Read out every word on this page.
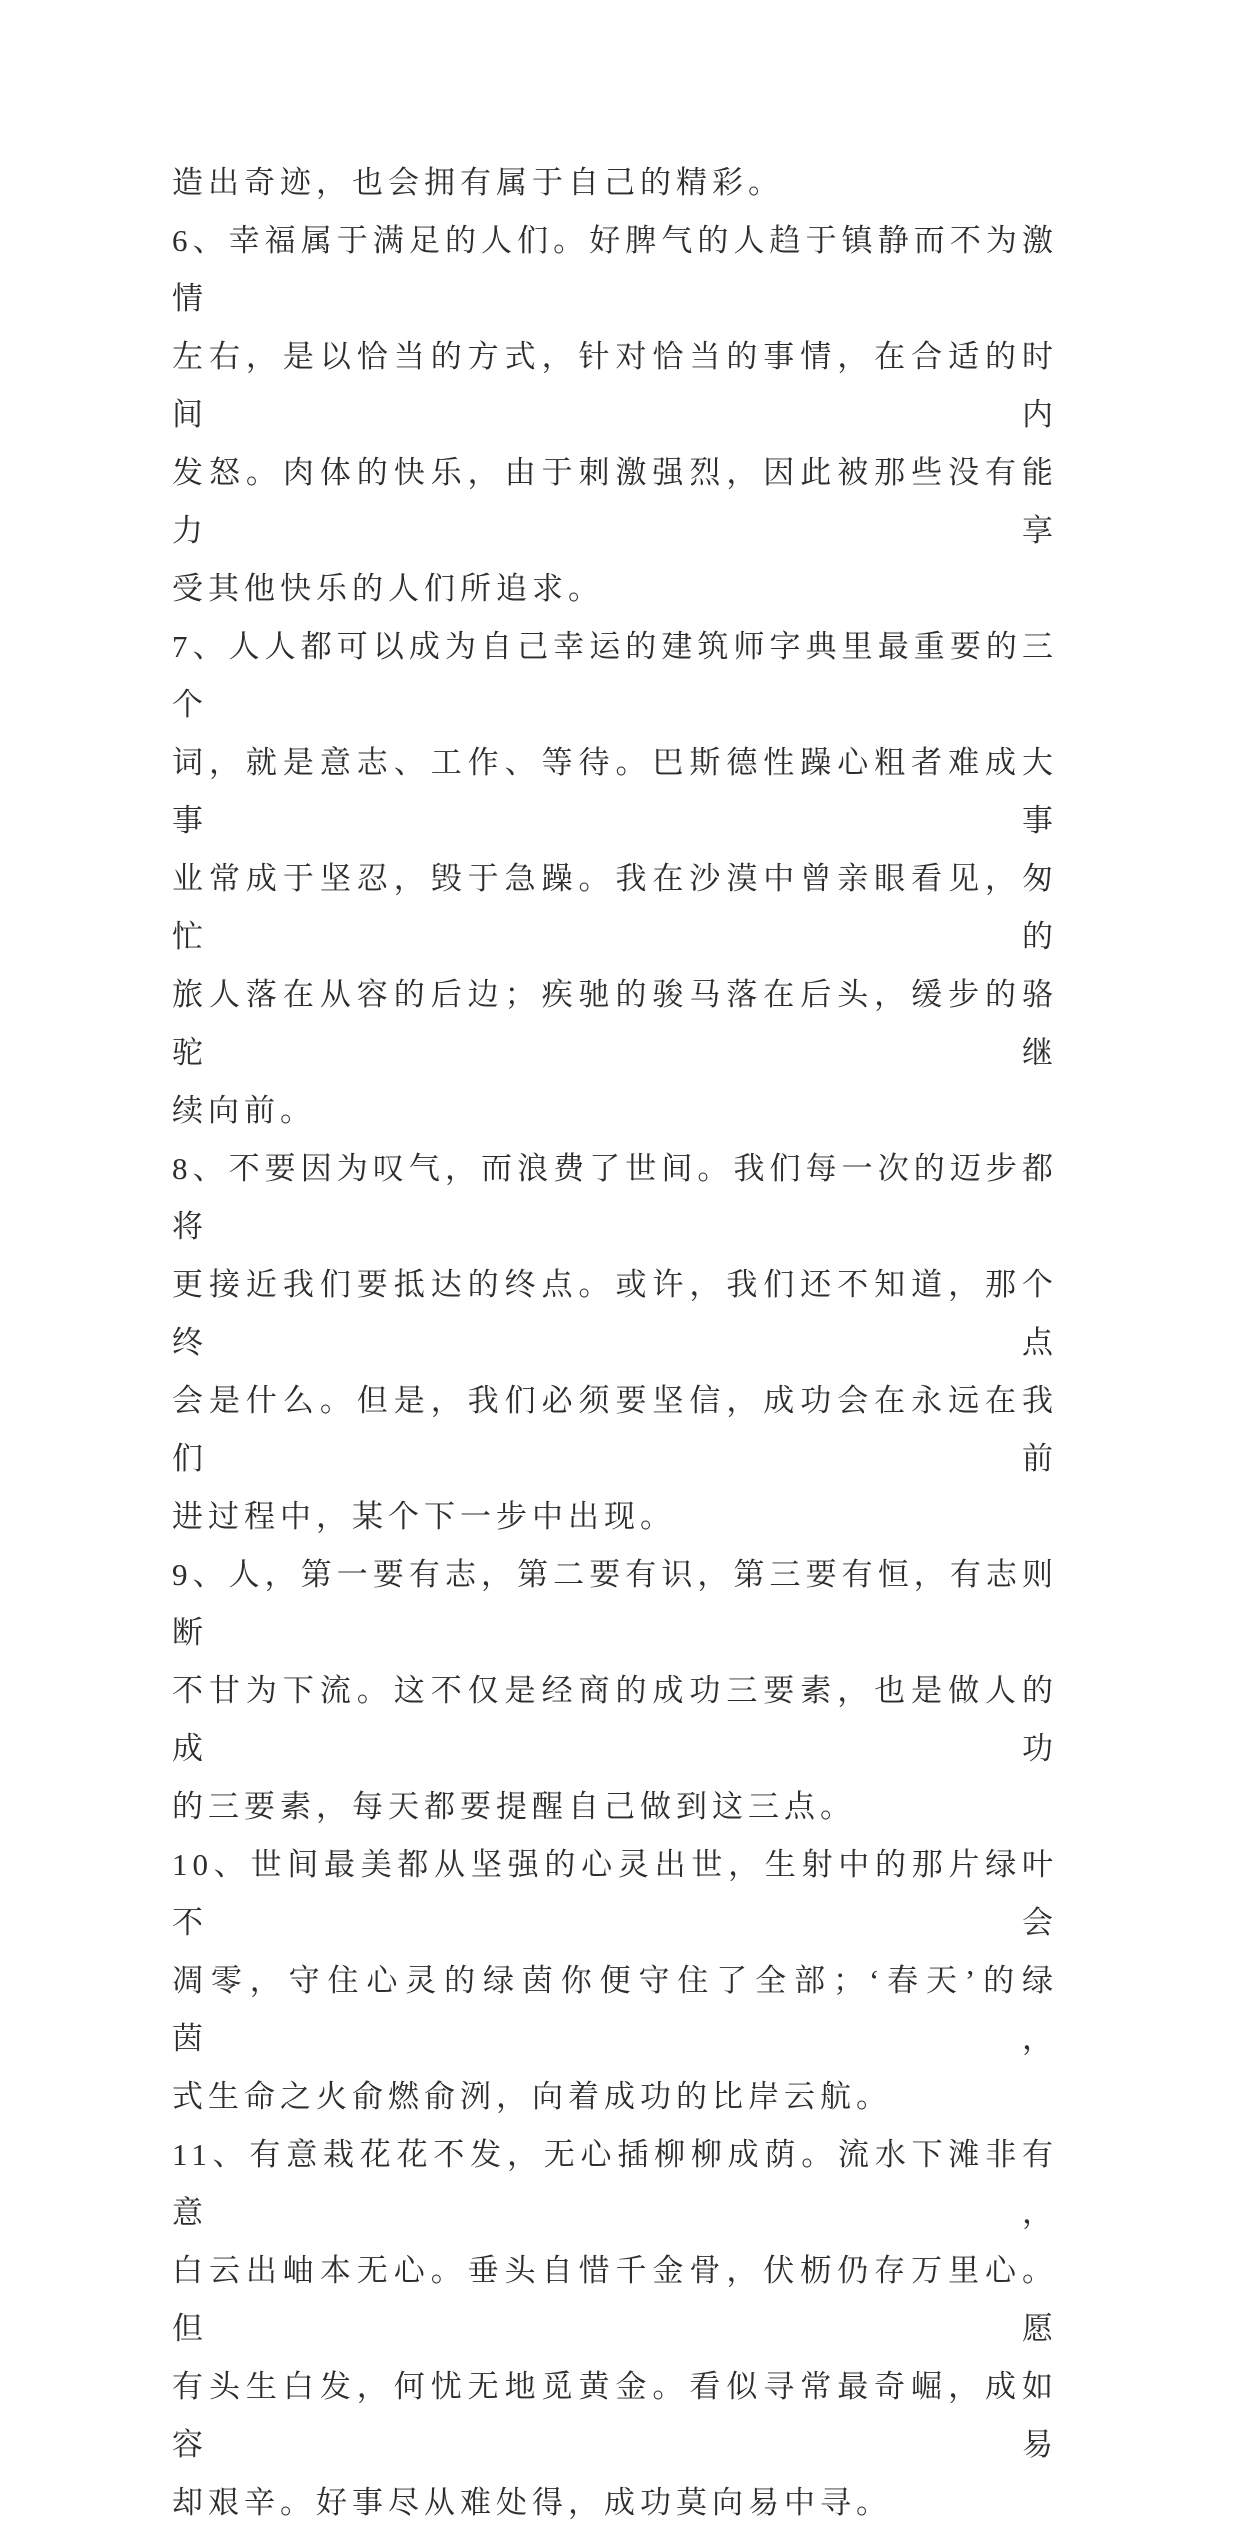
造出奇迹，也会拥有属于自己的精彩。
6、幸福属于满足的人们。好脾气的人趋于镇静而不为激情
左右，是以恰当的方式，针对恰当的事情，在合适的时间内
发怒。肉体的快乐，由于刺激强烈，因此被那些没有能力享
受其他快乐的人们所追求。
7、人人都可以成为自己幸运的建筑师字典里最重要的三个
词，就是意志、工作、等待。巴斯德性躁心粗者难成大事事
业常成于坚忍，毁于急躁。我在沙漠中曾亲眼看见，匆忙的
旅人落在从容的后边；疾驰的骏马落在后头，缓步的骆驼继
续向前。
8、不要因为叹气，而浪费了世间。我们每一次的迈步都将
更接近我们要抵达的终点。或许，我们还不知道，那个终点
会是什么。但是，我们必须要坚信，成功会在永远在我们前
进过程中，某个下一步中出现。
9、人，第一要有志，第二要有识，第三要有恒，有志则断
不甘为下流。这不仅是经商的成功三要素，也是做人的成功
的三要素，每天都要提醒自己做到这三点。
10、世间最美都从坚强的心灵出世，生射中的那片绿叶不会
凋零，守住心灵的绿茵你便守住了全部；‘春天’的绿茵，
式生命之火俞燃俞洌，向着成功的比岸云航。
11、有意栽花花不发，无心插柳柳成荫。流水下滩非有意，
白云出岫本无心。垂头自惜千金骨，伏枥仍存万里心。但愿
有头生白发，何忧无地觅黄金。看似寻常最奇崛，成如容易
却艰辛。好事尽从难处得，成功莫向易中寻。
